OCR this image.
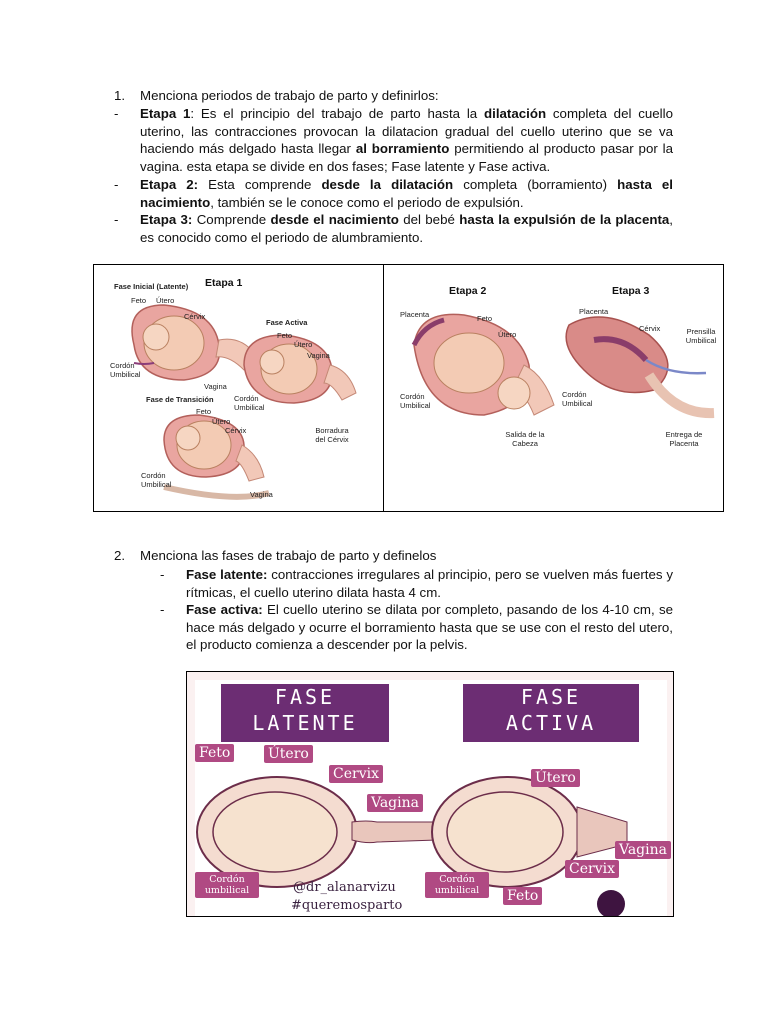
1. Menciona periodos de trabajo de parto y definirlos:
- Etapa 1: Es el principio del trabajo de parto hasta la dilatación completa del cuello uterino, las contracciones provocan la dilatacion gradual del cuello uterino que se va haciendo más delgado hasta llegar al borramiento permitiendo al producto pasar por la vagina. esta etapa se divide en dos fases; Fase latente y Fase activa.
- Etapa 2: Esta comprende desde la dilatación completa (borramiento) hasta el nacimiento, también se le conoce como el periodo de expulsión.
- Etapa 3: Comprende desde el nacimiento del bebé hasta la expulsión de la placenta, es conocido como el periodo de alumbramiento.
Etapa 1
Fase Inicial (Latente)
Feto Útero
Cérvix
Cordón Umbilical
Vagina
Fase Activa
Feto
Útero
Vagina
Cordón Umbilical
Borradura del Cérvix
Fase de Transición
Feto
Útero
Cérvix
Cordón Umbilical
Vagina
Etapa 2	Etapa 3
Placenta	Feto
Útero
Cordón Umbilical
Salida de la Cabeza
Placenta
Cérvix	Prensilla Umbilical
Cordón Umbilical
Entrega de Placenta
2. Menciona las fases de trabajo de parto y definelos
- Fase latente: contracciones irregulares al principio, pero se vuelven más fuertes y rítmicas, el cuello uterino dilata hasta 4 cm.
- Fase activa: El cuello uterino se dilata por completo, pasando de los 4-10 cm, se hace más delgado y ocurre el borramiento hasta que se use con el resto del utero, el producto comienza a descender por la pelvis.
FASE
LATENTE
FASE
ACTIVA
Feto	Útero
Cervix
Vagina
Cordón umbilical
Útero
Vagina
Cervix
Feto
Cordón umbilical
@dr_alanarvizu
#queremosparto
